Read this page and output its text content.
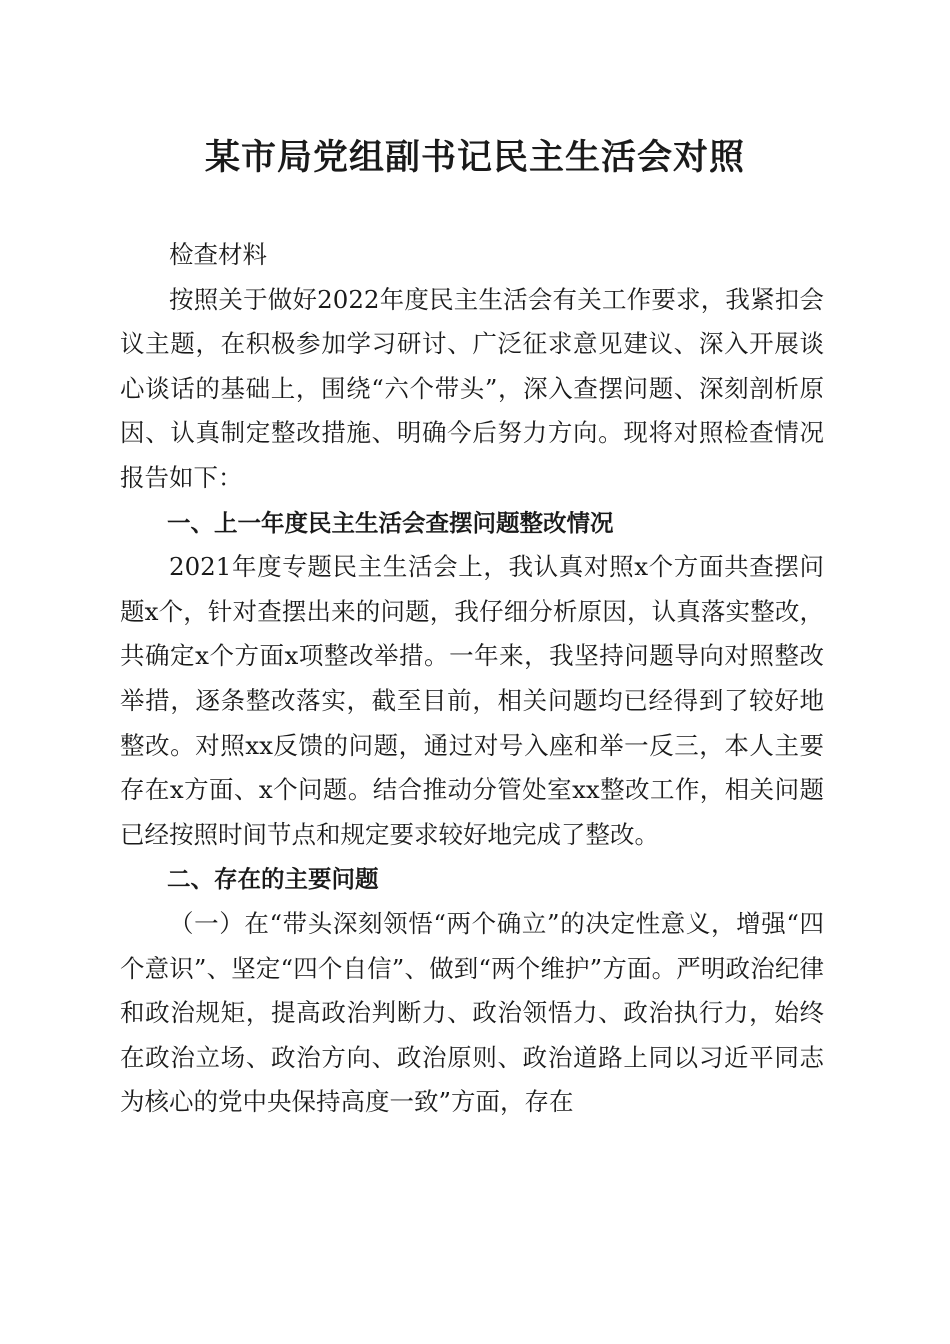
某市局党组副书记民主生活会对照

检查材料

按照关于做好2022年度民主生活会有关工作要求，我紧扣会议主题，在积极参加学习研讨、广泛征求意见建议、深入开展谈心谈话的基础上，围绕“六个带头”，深入查摆问题、深刻剖析原因、认真制定整改措施、明确今后努力方向。现将对照检查情况报告如下：

一、上一年度民主生活会查摆问题整改情况

2021年度专题民主生活会上，我认真对照x个方面共查摆问题x个，针对查摆出来的问题，我仔细分析原因，认真落实整改，共确定x个方面x项整改举措。一年来，我坚持问题导向对照整改举措，逐条整改落实，截至目前，相关问题均已经得到了较好地整改。对照xx反馈的问题，通过对号入座和举一反三，本人主要存在x方面、x个问题。结合推动分管处室xx整改工作，相关问题已经按照时间节点和规定要求较好地完成了整改。

二、存在的主要问题

（一）在“带头深刻领悟“两个确立”的决定性意义，增强“四个意识”、坚定“四个自信”、做到“两个维护”方面。严明政治纪律和政治规矩，提高政治判断力、政治领悟力、政治执行力，始终在政治立场、政治方向、政治原则、政治道路上同以习近平同志为核心的党中央保持高度一致”方面，存在
